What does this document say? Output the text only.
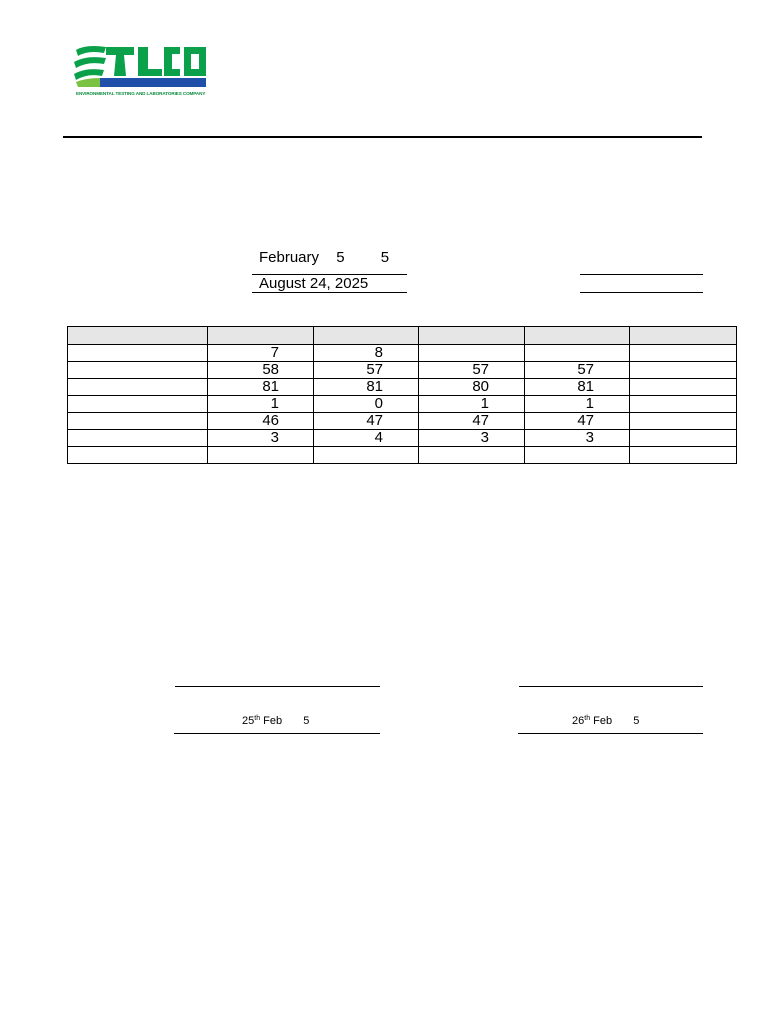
ENVIRONMENTAL TESTING AND LABORATORIES COMPANY
February 5 5
August 24, 2025

	7	8			
	58	57	57	57	
	81	81	80	81	
	1	0	1	1	
	46	47	47	47	
	3	4	3	3	

25th Feb 5	26th Feb 5
